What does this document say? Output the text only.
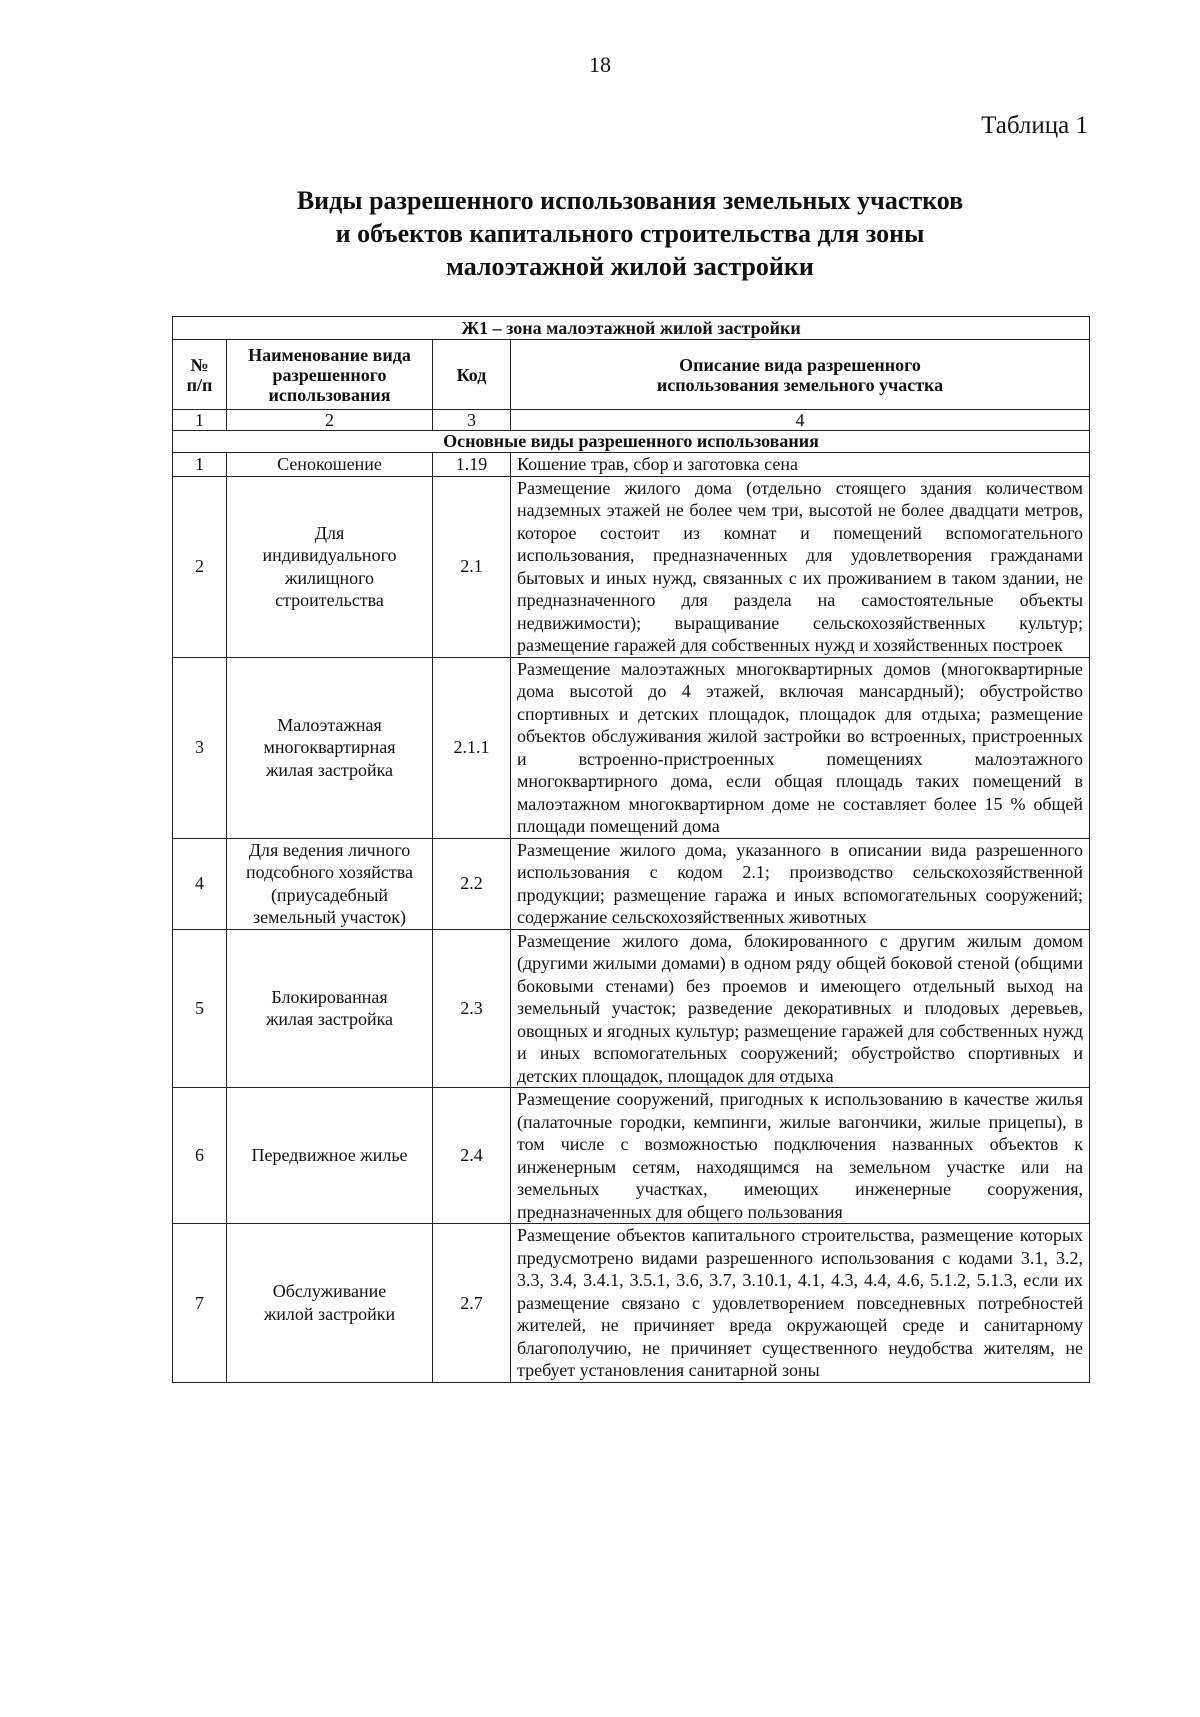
18
Таблица 1
Виды разрешенного использования земельных участков
и объектов капитального строительства для зоны
малоэтажной жилой застройки
Ж1 – зона малоэтажной жилой застройки			
№ п/п	Наименование вида разрешенного использования	Код	Описание вида разрешенного использования земельного участка
1	2	3	4
Основные виды разрешенного использования			
1	Сенокошение	1.19	Кошение трав, сбор и заготовка сена
2	Для индивидуального жилищного строительства	2.1	Размещение жилого дома (отдельно стоящего здания количеством надземных этажей не более чем три, высотой не более двадцати метров, которое состоит из комнат и помещений вспомогательного использования, предназначенных для удовлетворения гражданами бытовых и иных нужд, связанных с их проживанием в таком здании, не предназначенного для раздела на самостоятельные объекты недвижимости); выращивание сельскохозяйственных культур; размещение гаражей для собственных нужд и хозяйственных построек
3	Малоэтажная многоквартирная жилая застройка	2.1.1	Размещение малоэтажных многоквартирных домов (многоквартирные дома высотой до 4 этажей, включая мансардный); обустройство спортивных и детских площадок, площадок для отдыха; размещение объектов обслуживания жилой застройки во встроенных, пристроенных и встроенно-пристроенных помещениях малоэтажного многоквартирного дома, если общая площадь таких помещений в малоэтажном многоквартирном доме не составляет более 15 % общей площади помещений дома
4	Для ведения личного подсобного хозяйства (приусадебный земельный участок)	2.2	Размещение жилого дома, указанного в описании вида разрешенного использования с кодом 2.1; производство сельскохозяйственной продукции; размещение гаража и иных вспомогательных сооружений; содержание сельскохозяйственных животных
5	Блокированная жилая застройка	2.3	Размещение жилого дома, блокированного с другим жилым домом (другими жилыми домами) в одном ряду общей боковой стеной (общими боковыми стенами) без проемов и имеющего отдельный выход на земельный участок; разведение декоративных и плодовых деревьев, овощных и ягодных культур; размещение гаражей для собственных нужд и иных вспомогательных сооружений; обустройство спортивных и детских площадок, площадок для отдыха
6	Передвижное жилье	2.4	Размещение сооружений, пригодных к использованию в качестве жилья (палаточные городки, кемпинги, жилые вагончики, жилые прицепы), в том числе с возможностью подключения названных объектов к инженерным сетям, находящимся на земельном участке или на земельных участках, имеющих инженерные сооружения, предназначенных для общего пользования
7	Обслуживание жилой застройки	2.7	Размещение объектов капитального строительства, размещение которых предусмотрено видами разрешенного использования с кодами 3.1, 3.2, 3.3, 3.4, 3.4.1, 3.5.1, 3.6, 3.7, 3.10.1, 4.1, 4.3, 4.4, 4.6, 5.1.2, 5.1.3, если их размещение связано с удовлетворением повседневных потребностей жителей, не причиняет вреда окружающей среде и санитарному благополучию, не причиняет существенного неудобства жителям, не требует установления санитарной зоны
